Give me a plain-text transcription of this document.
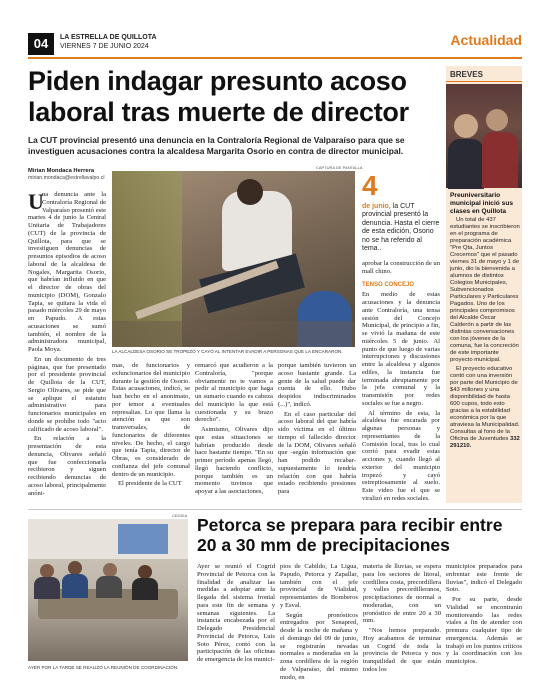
04	LA ESTRELLA DE QUILLOTA
VIERNES 7 DE JUNIO 2024	Actualidad
Piden indagar presunto acoso laboral tras muerte de director
La CUT provincial presentó una denuncia en la Contraloría Regional de Valparaíso para que se investiguen acusaciones contra la alcaldesa Margarita Osorio en contra de director municipal.
Mirian Mondaca Herrera
mirian.mondaca@estrellavalpo.cl
U

na denuncia ante la Contraloría Regional de Valparaíso presentó este martes 4 de junio la Central Unitaria de Trabajadores (CUT) de la provincia de Quillota, para que se investiguen denuncias de presuntos episodios de acoso laboral de la alcaldesa de Nogales, Margarita Osorio, que habrían influido en que el director de obras del municipio (DOM), Gonzalo Tapia, se quitara la vida el pasado miércoles 29 de mayo en Papudo. A estas acusaciones se sumó también, el nombre de la administradora municipal, Paola Moya.

En un documento de tres páginas, que fue presentado por el presidente provincial de Quillota de la CUT, Sergio Olivares, se pide que se aplique el estatuto administrativo para funcionarios municipales en donde se prohíbe todo "acto calificado de acoso laboral".

En relación a la presentación de esta denuncia, Olivares señaló que fue confeccionarla recibieron y siguen recibiendo denuncias de acoso laboral, principalmente anóni-

CAPTURA DE PANTALLA
LA ALCALDESA OSORIO SE TROPEZÓ Y CAYÓ AL INTENTAR EVADIR A PERSONAS QUE LA ENCARARON.

mas, de funcionarios y exfuncionarios del municipio durante la gestión de Osorio. Estas acusaciones, indicó, se han hecho en el anonimato, por temor a eventuales represalias. Lo que llama la atención es que son transversales, de funcionarios de diferentes niveles. De hecho, el cargo que tenía Tapia, director de Obras, es considerado de confianza del jefe comunal dentro de un municipio.

El presidente de la CUT

remarcó que acudieron a la Contraloría, "porque obviamente no te vamos a pedir al municipio que haga un sumario cuando es cabeza del municipio la que está cuestionada y su brazo derecho".

Asimismo, Olivares dijo que estas situaciones se habrían producido desde hace bastante tiempo. "En su primer período apenas llegó, llegó haciendo conflicto, porque también es un momento tuvimos que apoyar a las asociaciones,

porque también tuvieron un acoso bastante grande. La gente de la salud puede dar cuenta de ello. Hubo despidos indiscriminados (...)", indicó.

En el caso particular del acoso laboral del que habría sido víctima en el último tiempo el fallecido director de la DOM, Olivares señaló que -según información que han podido recabar- supuestamente lo tendría relación con que habría estado recibiendo presiones para

4
de junio, la CUT provincial presentó la denuncia. Hasta el cierre de esta edición, Osorio no se ha referido al tema..

aprobar la construcción de un mall chino.

TENSO CONCEJO

En medio de estas acusaciones y la denuncia ante Contraloría, una tensa sesión del Concejo Municipal, de principio a fin, se vivió la mañana de este miércoles 5 de junio. Al punto de que luego de varias interrupciones y discusiones entre la alcaldesa y algunos ediles, la instancia fue terminada abruptamente por la jefa comunal y la transmisión por redes sociales se fue a negro.

Al término de esta, la alcaldesa fue encarada por algunas personas y representantes de la Comisión local, tras lo cual corrió para evadir estas acciones y, cuando llegó al exterior del municipio tropezó y cayó estrepitosamente al suelo. Este video fue el que se viralizó en redes sociales.

BREVES
Preuniversitario municipal inició sus clases en Quillota

Un total de 437 estudiantes se inscribieron en el programa de preparación académica "Pre Qta, Juntos Crecemos" que el pasado viernes 31 de mayo y 1 de junio, dio la bienvenida a alumnos de distintos Colegios Municipales, Subvencionados Particulares y Particulares Pagados. Uno de los principales compromisos del Alcalde Óscar Calderón a partir de las distintas conversaciones con los jóvenes de la comuna, fue la concreción de este importante proyecto municipal.

El proyecto educativo contó con una inversión por parte del Municipio de $43 millones y una disponibilidad de hasta 600 cupos, todo esto gracias a la estabilidad económica por la que atraviesa la Municipalidad. Consultas al fono de la Oficina de Juventudes 332 291210.

CEDIDA
AYER POR LA TARDE SE REALIZÓ LA REUNIÓN DE COORDINACIÓN.
Petorca se prepara para recibir entre 20 a 30 mm de precipitaciones

Ayer se reunió el Cogrid Provincial de Petorca con la finalidad de analizar las medidas a adoptar ante la llegada del sistema frontal para este fin de semana y semanas siguientes. La instancia encabezada por el Delegado Presidencial Provincial de Petorca, Luis Soto Pérez, contó con la participación de las oficinas de emergencia de los munici-

pios de Cabildo, La Ligua, Papudo, Petorca y Zapallar, también con el jefe provincial de Vialidad, representantes de Bomberos y Esval.

Según pronósticos entregados por Senapred, desde la noche de mañana y el domingo del 09 de junio, se registrarán nevadas normales a moderadas en la zona cordillera de la región de Valparaíso, del mismo modo, en

materia de lluvias, se espera para los sectores de litoral, cordillera costa, precordillera y valles precordilleranos, precipitaciones de normal a moderadas, con un pronóstico de entre 20 a 30 mm.

"Nos hemos preparado. Hoy acabamos de terminar un Cogrid de toda la provincia de Petorca y nos tranquilidad de que están todos los

municipios preparados para enfrentar este frente de lluvias", indicó el Delegado Soto.

Por su parte, desde Vialidad se encontrarán monitoreando las redes viales a fin de atender con premura cualquier tipo de emergencia. Además se trabajó en los puntos críticos y la coordinación con los municipios.
